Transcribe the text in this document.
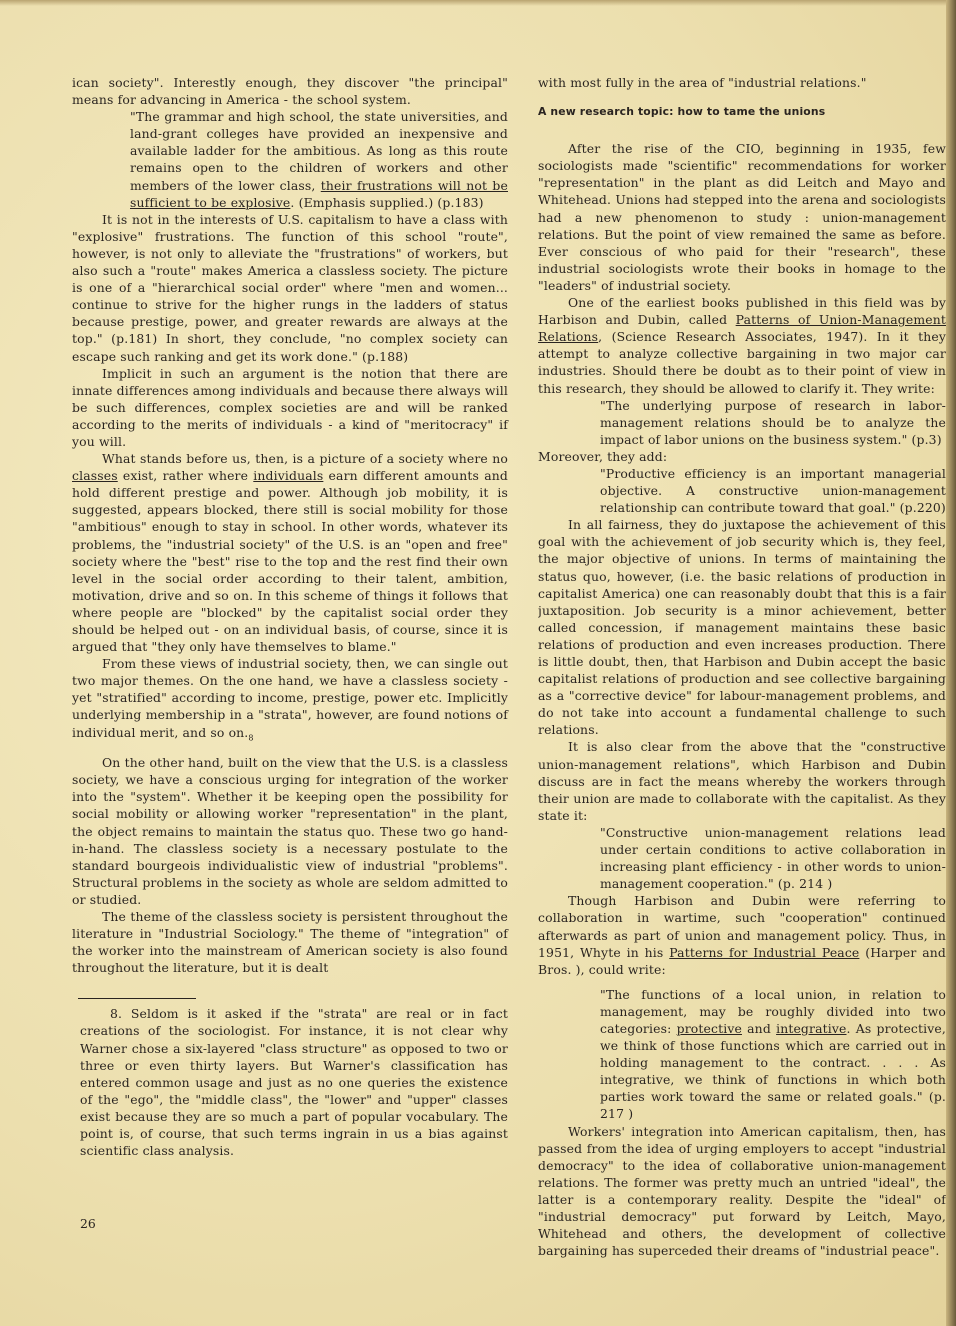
ican society". Interestly enough, they discover "the principal" means for advancing in America - the school system.

"The grammar and high school, the state universities, and land-grant colleges have provided an inexpensive and available ladder for the ambitious. As long as this route remains open to the children of workers and other members of the lower class, their frustrations will not be sufficient to be explosive. (Emphasis supplied.) (p.183)

It is not in the interests of U.S. capitalism to have a class with "explosive" frustrations. The function of this school "route", however, is not only to alleviate the "frustrations" of workers, but also such a "route" makes America a classless society. The picture is one of a "hierarchical social order" where "men and women... continue to strive for the higher rungs in the ladders of status because prestige, power, and greater rewards are always at the top." (p.181) In short, they conclude, "no complex society can escape such ranking and get its work done." (p.188)

Implicit in such an argument is the notion that there are innate differences among individuals and because there always will be such differences, complex societies are and will be ranked according to the merits of individuals - a kind of "meritocracy" if you will.

What stands before us, then, is a picture of a society where no classes exist, rather where individuals earn different amounts and hold different prestige and power. Although job mobility, it is suggested, appears blocked, there still is social mobility for those "ambitious" enough to stay in school. In other words, whatever its problems, the "industrial society" of the U.S. is an "open and free" society where the "best" rise to the top and the rest find their own level in the social order according to their talent, ambition, motivation, drive and so on. In this scheme of things it follows that where people are "blocked" by the capitalist social order they should be helped out - on an individual basis, of course, since it is argued that "they only have themselves to blame."

From these views of industrial society, then, we can single out two major themes. On the one hand, we have a classless society - yet "stratified" according to income, prestige, power etc. Implicitly underlying membership in a "strata", however, are found notions of individual merit, and so $on._8$

On the other hand, built on the view that the U.S. is a classless society, we have a conscious urging for integration of the worker into the "system". Whether it be keeping open the possibility for social mobility or allowing worker "representation" in the plant, the object remains to maintain the status quo. These two go hand-in-hand. The classless society is a necessary postulate to the standard bourgeois individualistic view of industrial "problems". Structural problems in the society as whole are seldom admitted to or studied.

The theme of the classless society is persistent throughout the literature in "Industrial Sociology." The theme of "integration" of the worker into the mainstream of American society is also found throughout the literature, but it is dealt

8. Seldom is it asked if the "strata" are real or in fact creations of the sociologist. For instance, it is not clear why Warner chose a six-layered "class structure" as opposed to two or three or even thirty layers. But Warner's classification has entered common usage and just as no one queries the existence of the "ego", the "middle class", the "lower" and "upper" classes exist because they are so much a part of popular vocabulary. The point is, of course, that such terms ingrain in us a bias against scientific class analysis.

with most fully in the area of "industrial relations."

A new research topic: how to tame the unions

After the rise of the CIO, beginning in 1935, few sociologists made "scientific" recommendations for worker "representation" in the plant as did Leitch and Mayo and Whitehead. Unions had stepped into the arena and sociologists had a new phenomenon to study : union-management relations. But the point of view remained the same as before. Ever conscious of who paid for their "research", these industrial sociologists wrote their books in homage to the "leaders" of industrial society.

One of the earliest books published in this field was by Harbison and Dubin, called Patterns of Union-Management Relations, (Science Research Associates, 1947). In it they attempt to analyze collective bargaining in two major car industries. Should there be doubt as to their point of view in this research, they should be allowed to clarify it. They write:

"The underlying purpose of research in labor-management relations should be to analyze the impact of labor unions on the business system." (p.3)

Moreover, they add:

"Productive efficiency is an important managerial objective. A constructive union-management relationship can contribute toward that goal." (p.220)

In all fairness, they do juxtapose the achievement of this goal with the achievement of job security which is, they feel, the major objective of unions. In terms of maintaining the status quo, however, (i.e. the basic relations of production in capitalist America) one can reasonably doubt that this is a fair juxtaposition. Job security is a minor achievement, better called concession, if management maintains these basic relations of production and even increases production. There is little doubt, then, that Harbison and Dubin accept the basic capitalist relations of production and see collective bargaining as a "corrective device" for labour-management problems, and do not take into account a fundamental challenge to such relations.

It is also clear from the above that the "constructive union-management relations", which Harbison and Dubin discuss are in fact the means whereby the workers through their union are made to collaborate with the capitalist. As they state it:

"Constructive union-management relations lead under certain conditions to active collaboration in increasing plant efficiency - in other words to union-management cooperation." (p. 214 )

Though Harbison and Dubin were referring to collaboration in wartime, such "cooperation" continued afterwards as part of union and management policy. Thus, in 1951, Whyte in his Patterns for Industrial Peace (Harper and Bros. ), could write:

"The functions of a local union, in relation to management, may be roughly divided into two categories: protective and integrative. As protective, we think of those functions which are carried out in holding management to the contract. . . . As integrative, we think of functions in which both parties work toward the same or related goals." (p. 217 )

Workers' integration into American capitalism, then, has passed from the idea of urging employers to accept "industrial democracy" to the idea of collaborative union-management relations. The former was pretty much an untried "ideal", the latter is a contemporary reality. Despite the "ideal" of "industrial democracy" put forward by Leitch, Mayo, Whitehead and others, the development of collective bargaining has superceded their dreams of "industrial peace".

26
